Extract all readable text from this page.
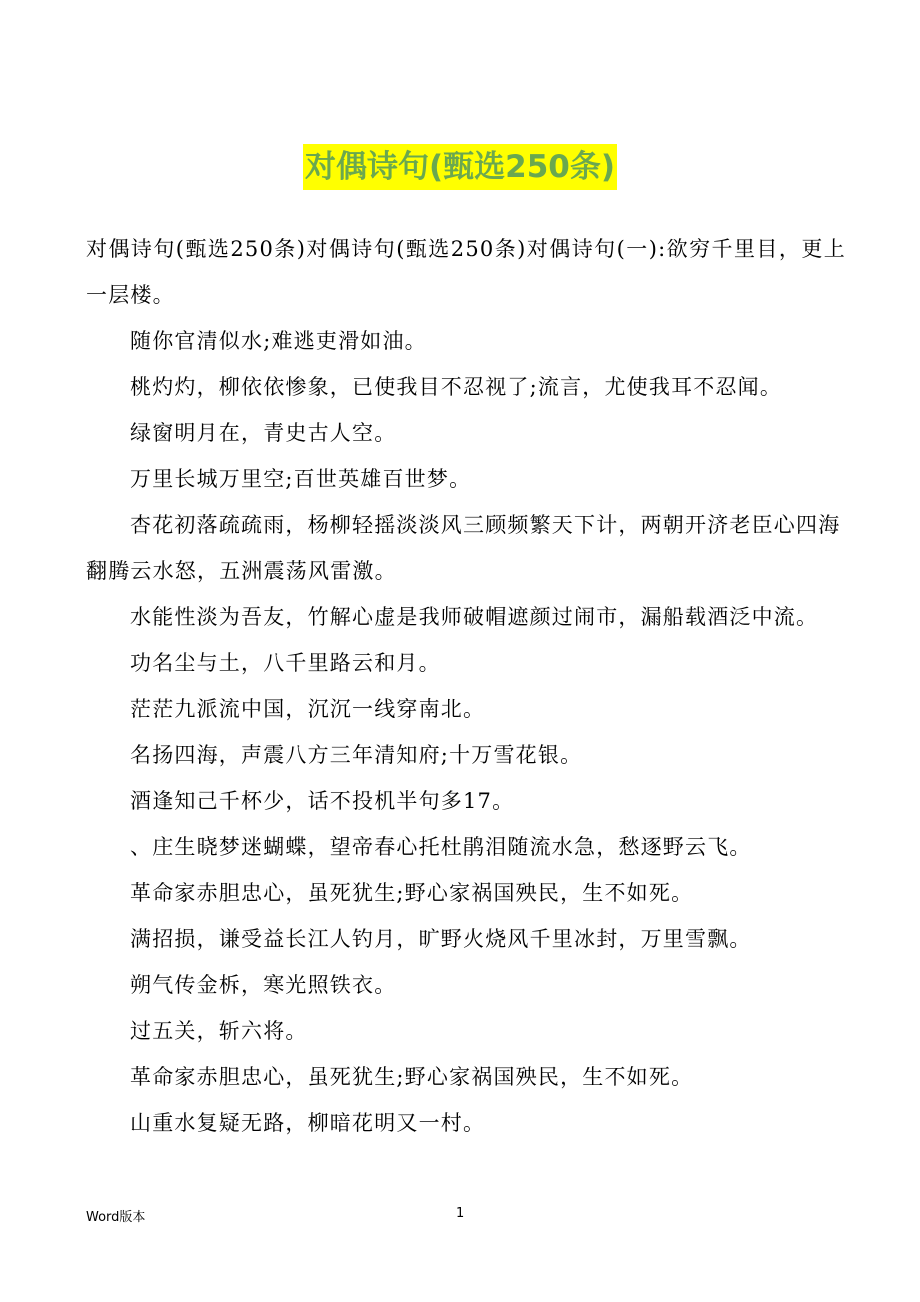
对偶诗句(甄选250条)

对偶诗句(甄选250条)对偶诗句(甄选250条)对偶诗句(一):欲穷千里目，更上一层楼。

随你官清似水;难逃吏滑如油。
桃灼灼，柳依依惨象，已使我目不忍视了;流言，尤使我耳不忍闻。
绿窗明月在，青史古人空。
万里长城万里空;百世英雄百世梦。
杏花初落疏疏雨，杨柳轻摇淡淡风三顾频繁天下计，两朝开济老臣心四海翻腾云水怒，五洲震荡风雷激。
水能性淡为吾友，竹解心虚是我师破帽遮颜过闹市，漏船载酒泛中流。
功名尘与土，八千里路云和月。
茫茫九派流中国，沉沉一线穿南北。
名扬四海，声震八方三年清知府;十万雪花银。
酒逢知己千杯少，话不投机半句多17。
、庄生晓梦迷蝴蝶，望帝春心托杜鹃泪随流水急，愁逐野云飞。
革命家赤胆忠心，虽死犹生;野心家祸国殃民，生不如死。
满招损，谦受益长江人钓月，旷野火烧风千里冰封，万里雪飘。
朔气传金柝，寒光照铁衣。
过五关，斩六将。
革命家赤胆忠心，虽死犹生;野心家祸国殃民，生不如死。
山重水复疑无路，柳暗花明又一村。
Word版本	1
